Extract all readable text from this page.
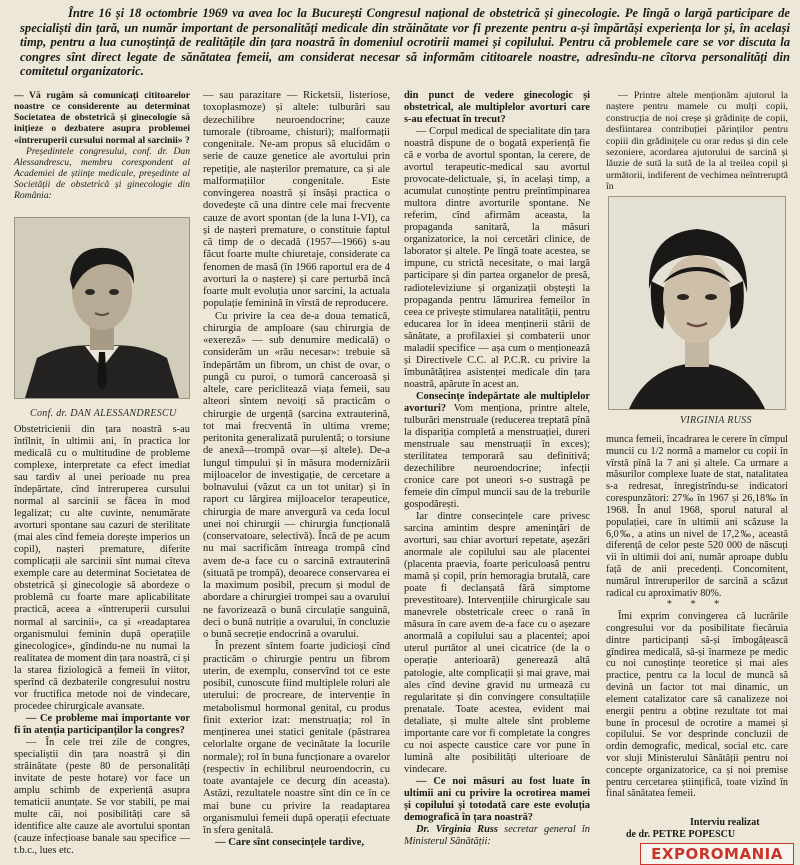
Între 16 și 18 octombrie 1969 va avea loc la București Congresul național de obstetrică și ginecologie. Pe lîngă o largă participare de specialiști din țară, un număr important de personalități medicale din străinătate vor fi prezente pentru a-și împărtăși experiența lor și, în același timp, pentru a lua cunoștință de realitățile din țara noastră în domeniul ocrotirii mamei și copilului. Pentru că problemele care se vor discuta la congres sînt direct legate de sănătatea femeii, am considerat necesar să informăm cititoarele noastre, adresîndu-ne cîtorva personalități din comitetul organizatoric.

— Vă rugăm să comunicați cititoarelor noastre ce considerente au determinat Societatea de obstetrică și ginecologie să inițieze o dezbatere asupra problemei «întreruperii cursului normal al sarcinii» ?

Președintele congresului, conf. dr. Dan Alessandrescu, membru corespondent al Academiei de științe medicale, președinte al Societății de obstetrică și ginecologie din România:

Conf. dr. DAN ALESSANDRESCU

Obstetricienii din țara noastră s-au întîlnit, în ultimii ani, în practica lor medicală cu o multitudine de probleme complexe, interpretate ca efect imediat sau tardiv al unei perioade nu prea îndepărtate, cînd întreruperea cursului normal al sarcinii se făcea în mod legalizat; cu alte cuvinte, nenumărate avorturi spontane sau cazuri de sterilitate (mai ales cînd femeia dorește imperios un copil), nașteri premature, diferite complicații ale sarcinii sînt numai cîteva exemple care au determinat Societatea de obstetrică și ginecologie să abordeze o problemă cu foarte mare aplicabilitate practică, aceea a «întreruperii cursului normal al sarcinii», ca și «readaptarea organismului feminin după operațiile ginecologice», gîndindu-ne nu numai la realitatea de moment din țara noastră, ci și la starea fiziologică a femeii în viitor, sperînd că dezbaterile congresului nostru vor fructifica metode noi de vindecare, procedee chirurgicale avansate.

— Ce probleme mai importante vor fi în atenția participanților la congres?

— În cele trei zile de congres, specialiștii din țara noastră și din străinătate (peste 80 de personalități invitate de peste hotare) vor face un amplu schimb de experiență asupra tematicii anunțate. Se vor stabili, pe mai multe căi, noi posibilități care să identifice alte cauze ale avortului spontan (cauze infecțioase banale sau specifice — t.b.c., lues etc.

— sau parazitare — Ricketsii, listeriose, toxoplasmoze) și altele: tulburări sau dezechilibre neuroendocrine; cauze tumorale (tibroame, chisturi); malformații congenitale. Ne-am propus să elucidăm o serie de cauze genetice ale avortului prin repetiție, ale nașterilor premature, ca și ale malformațiilor congenitale. Este convingerea noastră și însăși practica o dovedește că una dintre cele mai frecvente cauze de avort spontan (de la luna I-VI), ca și de nașteri premature, o constituie faptul că timp de o decadă (1957—1966) s-au făcut foarte multe chiuretaje, considerate ca fenomen de masă (în 1966 raportul era de 4 avorturi la o naștere) și care perturbă încă foarte mult evoluția unor sarcini, la actuala populație feminină în vîrstă de reproducere.

Cu privire la cea de-a doua tematică, chirurgia de amploare (sau chirurgia de «exereză» — sub denumire medicală) o considerăm un «rău necesar»: trebuie să îndepărtăm un fibrom, un chist de ovar, o pungă cu puroi, o tumoră canceroasă și altele, care periclitează viața femeii, sau alteori sîntem nevoiți să practicăm o chirurgie de urgență (sarcina extrauterină, tot mai frecventă în ultima vreme; peritonita generalizată purulentă; o torsiune de anexă—trompă ovar—și altele). De-a lungul timpului și în măsura modernizării mijloacelor de investigație, de cercetare a bolnavului (văzut ca un tot unitar) și în raport cu lărgirea mijloacelor terapeutice, chirurgia de mare anvergură va ceda locul unei noi chirurgii — chirurgia funcțională (conservatoare, selectivă). Încă de pe acum nu mai sacrificăm întreaga trompă cînd avem de-a face cu o sarcină extrauterină (situată pe trompă), deoarece conservarea ei la maximum posibil, precum și modul de abordare a chirurgiei trompei sau a ovarului ne favorizează o bună circulație sanguină, deci o bună nutriție a ovarului, în concluzie o bună secreție endocrină a ovarului.

În prezent sîntem foarte judicioși cînd practicăm o chirurgie pentru un fibrom uterin, de exemplu, conservînd tot ce este posibil, cunoscute fiind multiplele roluri ale uterului: de procreare, de intervenție în metabolismul hormonal genital, cu produs finit exterior izat: menstruația; rol în menținerea unei statici genitale (păstrarea celorlalte organe de vecinătate la locurile normale); rol în buna funcționare a ovarelor (respectiv în echilibrul neuroendocrin, cu toate avantajele ce decurg din aceasta). Astăzi, rezultatele noastre sînt din ce în ce mai bune cu privire la readaptarea organismului femeii după operații efectuate în sfera genitală.

— Care sînt consecințele tardive,

din punct de vedere ginecologic și obstetrical, ale multiplelor avorturi care s-au efectuat în trecut?

— Corpul medical de specialitate din țara noastră dispune de o bogată experiență fie că e vorba de avortul spontan, la cerere, de avortul terapeutic-medical sau avortul provocate-delictuale, și, în același timp, a acumulat cunoștințe pentru preîntîmpinarea multora dintre avorturile spontane. Ne referim, cînd afirmăm aceasta, la propaganda sanitară, la măsuri organizatorice, la noi cercetări clinice, de laborator și altele. Pe lîngă toate acestea, se impune, cu strictă necesitate, o mai largă participare și din partea organelor de presă, radioteleviziune și organizații obștești la propaganda pentru lămurirea femeilor în ceea ce privește stimularea natalității, pentru educarea lor în ideea menținerii stării de sănătate, a profilaxiei și combaterii unor maladii specifice — așa cum o menționează și Directivele C.C. al P.C.R. cu privire la îmbunătățirea asistenței medicale din țara noastră, apărute în acest an.

Consecințe îndepărtate ale multiplelor avorturi? Vom menționa, printre altele, tulburări menstruale (reducerea treptată pînă la dispariția completă a menstruației, dureri menstruale sau menstruații în exces); sterilitatea temporară sau definitivă; dezechilibre neuroendocrine; infecții cronice care pot uneori s-o sustragă pe femeie din cîmpul muncii sau de la treburile gospodărești.

Iar dintre consecințele care privesc sarcina amintim despre ameninţări de avorturi, sau chiar avorturi repetate, așezări anormale ale copilului sau ale placentei (placenta praevia, foarte periculoasă pentru mamă și copil, prin hemoragia brutală, care poate fi declanșată fără simptome prevestitoare). Intervențiile chirurgicale sau manevrele obstetricale creec o rană în măsura în care avem de-a face cu o așezare anormală a copilului sau a placentei; apoi uterul purtător al unei cicatrice (de la o operație anterioară) generează altă patologie, alte complicații și mai grave, mai ales cînd devine gravid nu urmează cu regularitate și din convingere consultațiile prenatale. Toate acestea, evident mai detaliate, și multe altele sînt probleme importante care vor fi completate la congres cu noi aspecte caustice care vor pune în lumină alte posibilități ulterioare de vindecare.

— Ce noi măsuri au fost luate în ultimii ani cu privire la ocrotirea mamei și copilului și totodată care este evoluția demografică în țara noastră?

Dr. Virginia Russ secretar general în Ministerul Sănătății:

— Printre altele menționăm ajutorul la naștere pentru mamele cu mulți copii, construcția de noi creșe și grădinițe de copii, desfiintarea contribuției părinților pentru copiii din grădinițele cu orar redus și din cele sezoniere, acordarea ajutorului de sarcină și lăuzie de sută la sută de la al treilea copil și următorii, indiferent de vechimea neîntreruptă în

VIRGINIA RUSS

munca femeii, încadrarea le cerere în cîmpul muncii cu 1/2 normă a mamelor cu copii în vîrstă pînă la 7 ani și altele. Ca urmare a măsurilor complexe luate de stat, natalitatea s-a redresat, înregistrîndu-se indicatori corespunzători: 27‰ în 1967 și 26,18‰ în 1968. În anul 1968, sporul natural al populației, care în ultimii ani scăzuse la 6,0‰, a atins un nivel de 17,2‰, această diferență de celor peste 520 000 de născuți vii în ultimii doi ani, număr aproape dublu față de anii precedenți. Concomitent, numărul întreruperilor de sarcină a scăzut radical cu aproximativ 80%.

* * *

Îmi exprim convingerea că lucrările congresului vor da posibilitate fiecăruia dintre participanți să-și îmbogățească gîndirea medicală, să-și înarmeze pe medic cu noi cunoștințe teoretice și mai ales practice, pentru ca la locul de muncă să devină un factor tot mai dinamic, un element catalizator care să canalizeze noi energii pentru a obține rezultate tot mai bune în procesul de ocrotire a mamei și copilului. Se vor desprinde concluzii de ordin demografic, medical, social etc. care vor sluji Ministerului Sănătății pentru noi concepte organizatorice, ca și noi premise pentru cercetarea științifică, toate vizînd în final sănătatea femeii.

Interviu realizat
de dr. PETRE POPESCU
EXPOROMANIA
